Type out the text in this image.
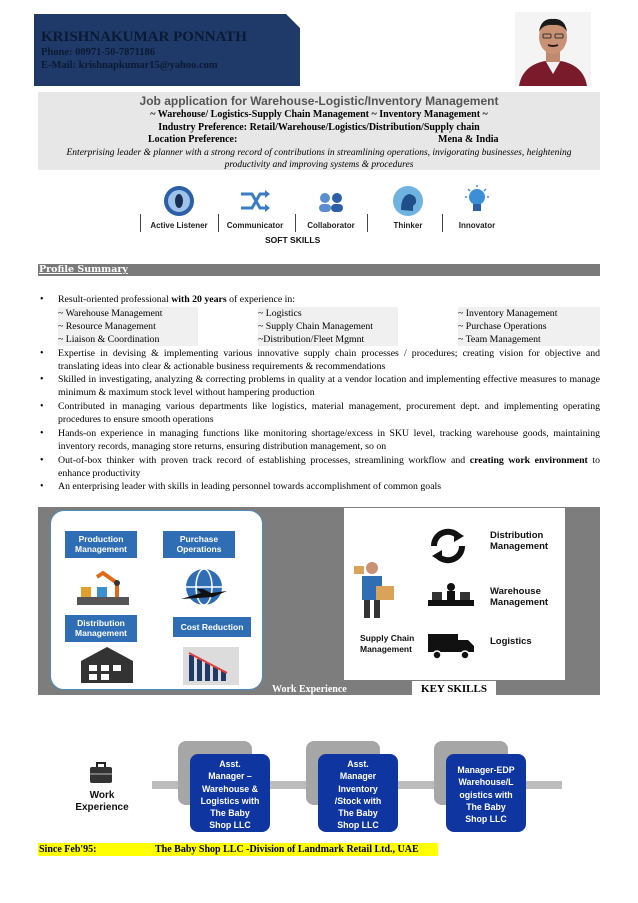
KRISHNAKUMAR PONNATH
Phone: 00971-50-7871186
E-Mail: krishnapkumar15@yahoo.com
Job application for Warehouse-Logistic/Inventory Management
~ Warehouse/ Logistics-Supply Chain Management ~ Inventory Management ~
Industry Preference: Retail/Warehouse/Logistics/Distribution/Supply chain
Location Preference:	Mena & India
Enterprising leader & planner with a strong record of contributions in streamlining operations, invigorating businesses, heightening productivity and improving systems & procedures
Active Listener	Communicator	Collaborator	Thinker	Innovator
SOFT SKILLS
Profile Summary
• Result-oriented professional with 20 years of experience in:
~ Warehouse Management	~ Logistics	~ Inventory Management
~ Resource Management	~ Supply Chain Management	~ Purchase Operations
~ Liaison & Coordination	~Distribution/Fleet Mgmnt	~ Team Management
• Expertise in devising & implementing various innovative supply chain processes / procedures; creating vision for objective and translating ideas into clear & actionable business requirements & recommendations
• Skilled in investigating, analyzing & correcting problems in quality at a vendor location and implementing effective measures to manage minimum & maximum stock level without hampering production
• Contributed in managing various departments like logistics, material management, procurement dept. and implementing operating procedures to ensure smooth operations
• Hands-on experience in managing functions like monitoring shortage/excess in SKU level, tracking warehouse goods, maintaining inventory records, managing store returns, ensuring distribution management, so on
• Out-of-box thinker with proven track record of establishing processes, streamlining workflow and creating work environment to enhance productivity
• An enterprising leader with skills in leading personnel towards accomplishment of common goals
Production Management
Purchase Operations
Distribution Management
Cost Reduction
Supply Chain Management
Distribution Management
Warehouse Management
Logistics
Work Experience	KEY SKILLS
Work
Experience
Asst.
Manager –
Warehouse &
Logistics with
The Baby
Shop LLC
Asst.
Manager
Inventory
/Stock with
The Baby
Shop LLC
Manager-EDP
Warehouse/L
ogistics with
The Baby
Shop LLC
Since Feb'95:	The Baby Shop LLC -Division of Landmark Retail Ltd., UAE
